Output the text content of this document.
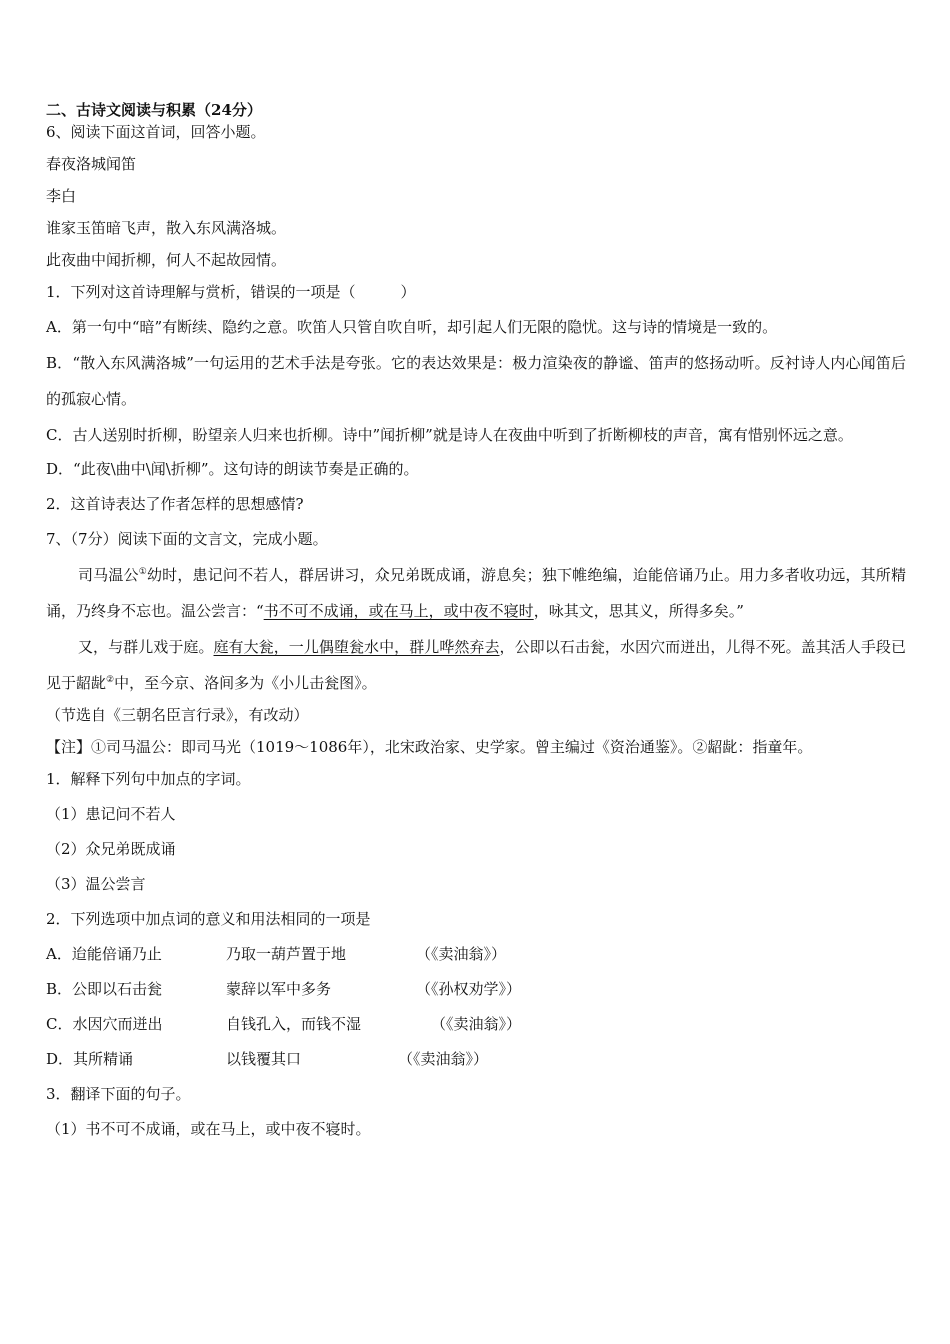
二、古诗文阅读与积累（24分）
6、阅读下面这首词，回答小题。
春夜洛城闻笛
李白
谁家玉笛暗飞声，散入东风满洛城。
此夜曲中闻折柳，何人不起故园情。
1．下列对这首诗理解与赏析，错误的一项是（　　　）
A．第一句中“暗”有断续、隐约之意。吹笛人只管自吹自听，却引起人们无限的隐忧。这与诗的情境是一致的。
B．“散入东风满洛城”一句运用的艺术手法是夸张。它的表达效果是：极力渲染夜的静谧、笛声的悠扬动听。反衬诗人内心闻笛后的孤寂心情。
C．古人送别时折柳，盼望亲人归来也折柳。诗中”闻折柳”就是诗人在夜曲中听到了折断柳枝的声音，寓有惜别怀远之意。
D．“此夜\曲中\闻\折柳”。这句诗的朗读节奏是正确的。
2．这首诗表达了作者怎样的思想感情?
7、（7分）阅读下面的文言文，完成小题。
司马温公①幼时，患记问不若人，群居讲习，众兄弟既成诵，游息矣；独下帷绝编，迨能倍诵乃止。用力多者收功远，其所精诵，乃终身不忘也。温公尝言：“书不可不成诵，或在马上，或中夜不寝时，咏其文，思其义，所得多矣。”
又，与群儿戏于庭。庭有大瓮，一儿偶堕瓮水中，群儿哗然弃去，公即以石击瓮，水因穴而迸出，儿得不死。盖其活人手段已见于龆龀②中，至今京、洛间多为《小儿击瓮图》。
（节选自《三朝名臣言行录》，有改动）
【注】①司马温公：即司马光（1019～1086年），北宋政治家、史学家。曾主编过《资治通鉴》。②龆龀：指童年。
1．解释下列句中加点的字词。
（1）患记问不若人
（2）众兄弟既成诵
（3）温公尝言
2．下列选项中加点词的意义和用法相同的一项是
A．迨能倍诵乃止	乃取一葫芦置于地	（《卖油翁》）
B．公即以石击瓮	蒙辞以军中多务	（《孙权劝学》）
C．水因穴而迸出	自钱孔入，而钱不湿	（《卖油翁》）
D．其所精诵	以钱覆其口	（《卖油翁》）
3．翻译下面的句子。
（1）书不可不成诵，或在马上，或中夜不寝时。
